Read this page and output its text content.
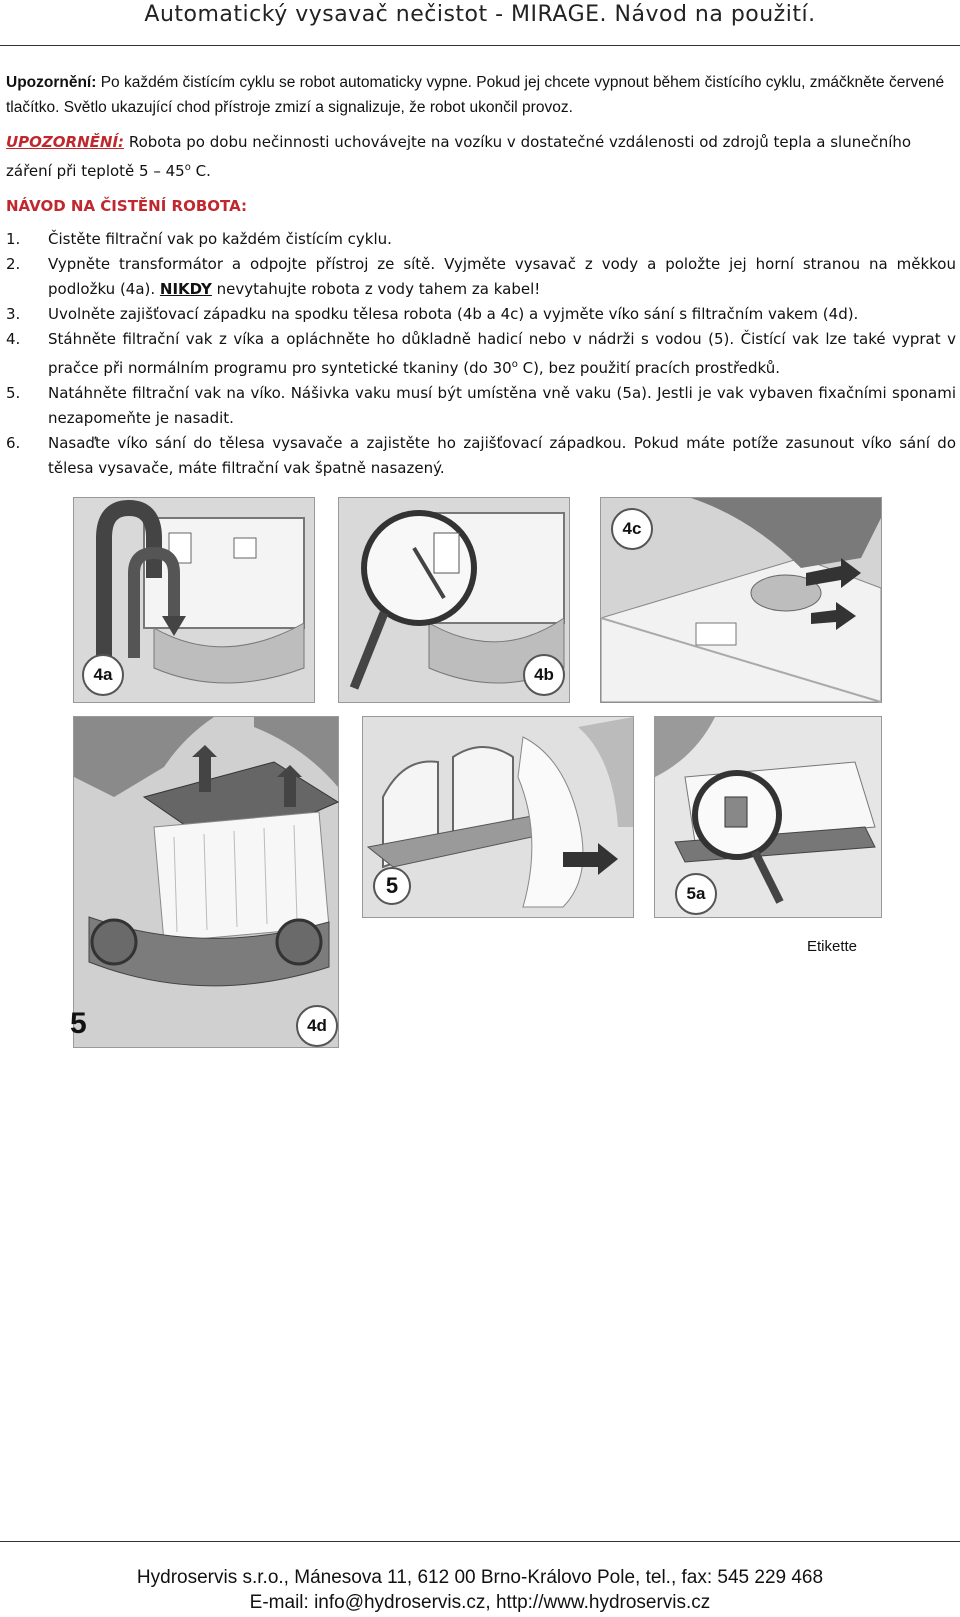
Automatický vysavač nečistot - MIRAGE. Návod na použití.

Upozornění: Po každém čistícím cyklu se robot automaticky vypne. Pokud jej chcete vypnout během čistícího cyklu, zmáčkněte červené tlačítko. Světlo ukazující chod přístroje zmizí a signalizuje, že robot ukončil provoz.

UPOZORNĚNÍ: Robota po dobu nečinnosti uchovávejte na vozíku v dostatečné vzdálenosti od zdrojů tepla a slunečního záření při teplotě 5 – 45$^o$ C.

NÁVOD NA ČISTĚNÍ ROBOTA:
1.	Čistěte filtrační vak po každém čistícím cyklu.
2.	Vypněte transformátor a odpojte přístroj ze sítě. Vyjměte vysavač z vody a položte jej horní stranou na měkkou podložku (4a). NIKDY nevytahujte robota z vody tahem za kabel!
3.	Uvolněte zajišťovací západku na spodku tělesa robota (4b a 4c) a vyjměte víko sání s filtračním vakem (4d).
4.	Stáhněte filtrační vak z víka a opláchněte ho důkladně hadicí nebo v nádrži s vodou (5). Čistící vak lze také vyprat v pračce při normálním programu pro syntetické tkaniny (do 30$^o$ C), bez použití pracích prostředků.
5.	Natáhněte filtrační vak na víko. Nášivka vaku musí být umístěna vně vaku (5a). Jestli je vak vybaven fixačními sponami nezapomeňte je nasadit.
6.	Nasaďte víko sání do tělesa vysavače a zajistěte ho zajišťovací západkou. Pokud máte potíže zasunout víko sání do tělesa vysavače, máte filtrační vak špatně nasazený.
4a	4b
4c
5	4d
5	5a
Etikette
Hydroservis s.r.o., Mánesova 11, 612 00 Brno-Královo Pole, tel., fax: 545 229 468
E-mail: info@hydroservis.cz, http://www.hydroservis.cz
